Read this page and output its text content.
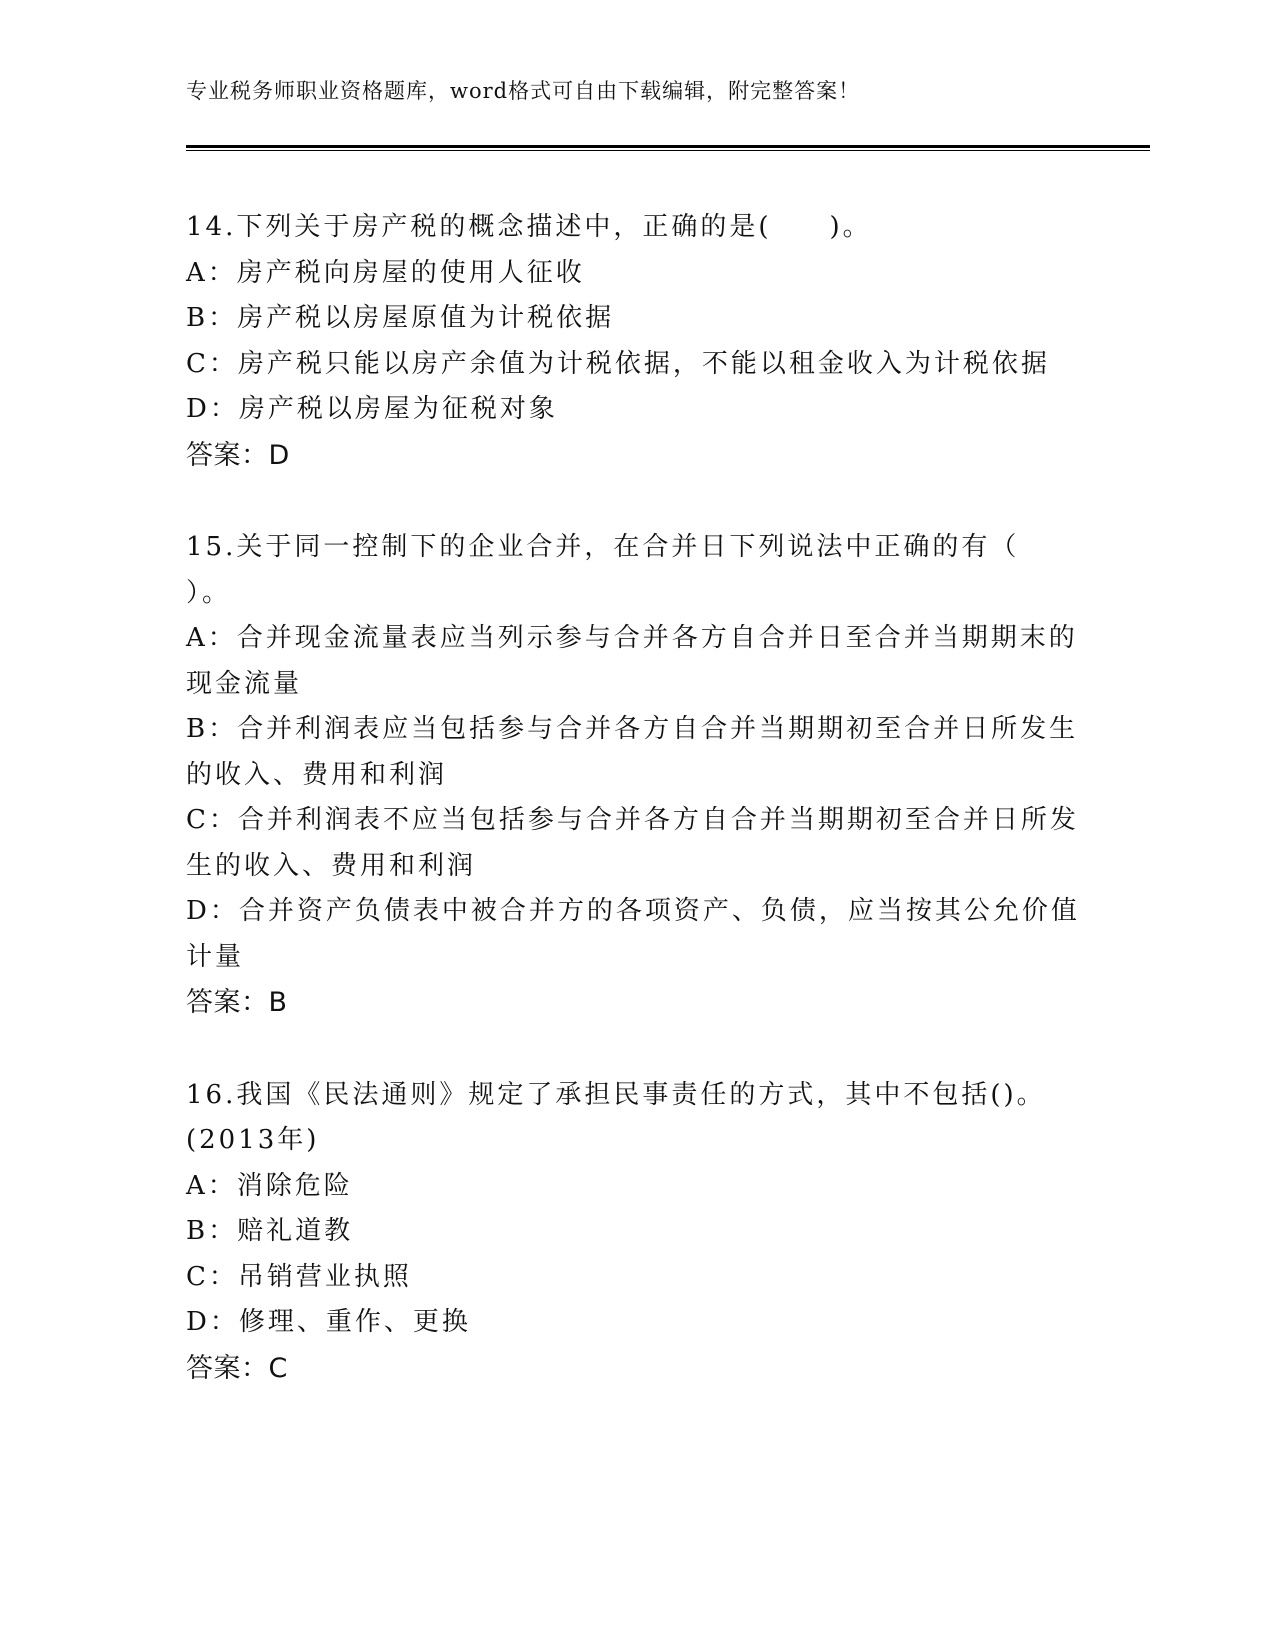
专业税务师职业资格题库，word格式可自由下载编辑，附完整答案！
14.下列关于房产税的概念描述中，正确的是(　　)。
A：房产税向房屋的使用人征收
B：房产税以房屋原值为计税依据
C：房产税只能以房产余值为计税依据，不能以租金收入为计税依据
D：房产税以房屋为征税对象
答案：D
15.关于同一控制下的企业合并，在合并日下列说法中正确的有（
）。
A：合并现金流量表应当列示参与合并各方自合并日至合并当期期末的
现金流量
B：合并利润表应当包括参与合并各方自合并当期期初至合并日所发生
的收入、费用和利润
C：合并利润表不应当包括参与合并各方自合并当期期初至合并日所发
生的收入、费用和利润
D：合并资产负债表中被合并方的各项资产、负债，应当按其公允价值
计量
答案：B
16.我国《民法通则》规定了承担民事责任的方式，其中不包括()。
(2013年)
A：消除危险
B：赔礼道教
C：吊销营业执照
D：修理、重作、更换
答案：C
